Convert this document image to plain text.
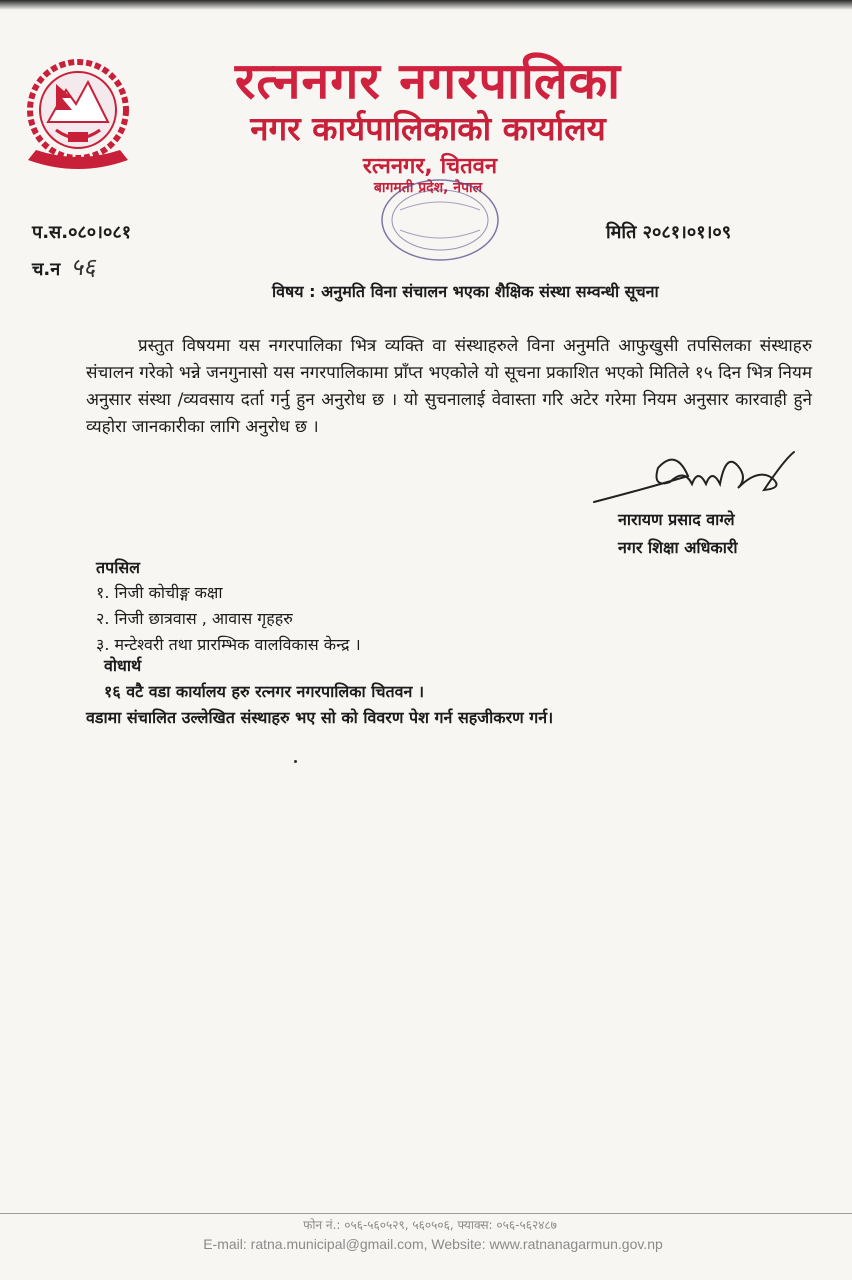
रत्ननगर नगरपालिका
नगर कार्यपालिकाको कार्यालय
रत्ननगर, चितवन
बागमती प्रदेश, नेपाल
प.स.०८०।०८१
च.न ५६
मिति २०८१।०१।०९
विषय : अनुमति विना संचालन भएका शैक्षिक संस्था सम्वन्धी सूचना
प्रस्तुत विषयमा यस नगरपालिका भित्र व्यक्ति वा संस्थाहरुले विना अनुमति आफुखुसी तपसिलका संस्थाहरु संचालन गरेको भन्ने जनगुनासो यस नगरपालिकामा प्राँप्त भएकोले यो सूचना प्रकाशित भएको मितिले १५ दिन भित्र नियम अनुसार संस्था /व्यवसाय दर्ता गर्नु हुन अनुरोध छ । यो सुचनालाई वेवास्ता गरि अटेर गरेमा नियम अनुसार कारवाही हुने व्यहोरा जानकारीका लागि अनुरोध छ ।
नारायण प्रसाद वाग्ले
नगर शिक्षा अधिकारी
तपसिल
१. निजी कोचीङ्ग कक्षा
२. निजी छात्रवास , आवास गृहहरु
३. मन्टेश्वरी तथा प्रारम्भिक वालविकास केन्द्र ।
वोधार्थ
१६ वटै वडा कार्यालय हरु रत्नगर नगरपालिका चितवन ।
वडामा संचालित उल्लेखित संस्थाहरु भए सो को विवरण पेश गर्न सहजीकरण गर्न।
फोन नं.: ०५६-५६०५२९, ५६०५०६, फ्याक्स: ०५६-५६२४८७
E-mail: ratna.municipal@gmail.com, Website: www.ratnanagarmun.gov.np
